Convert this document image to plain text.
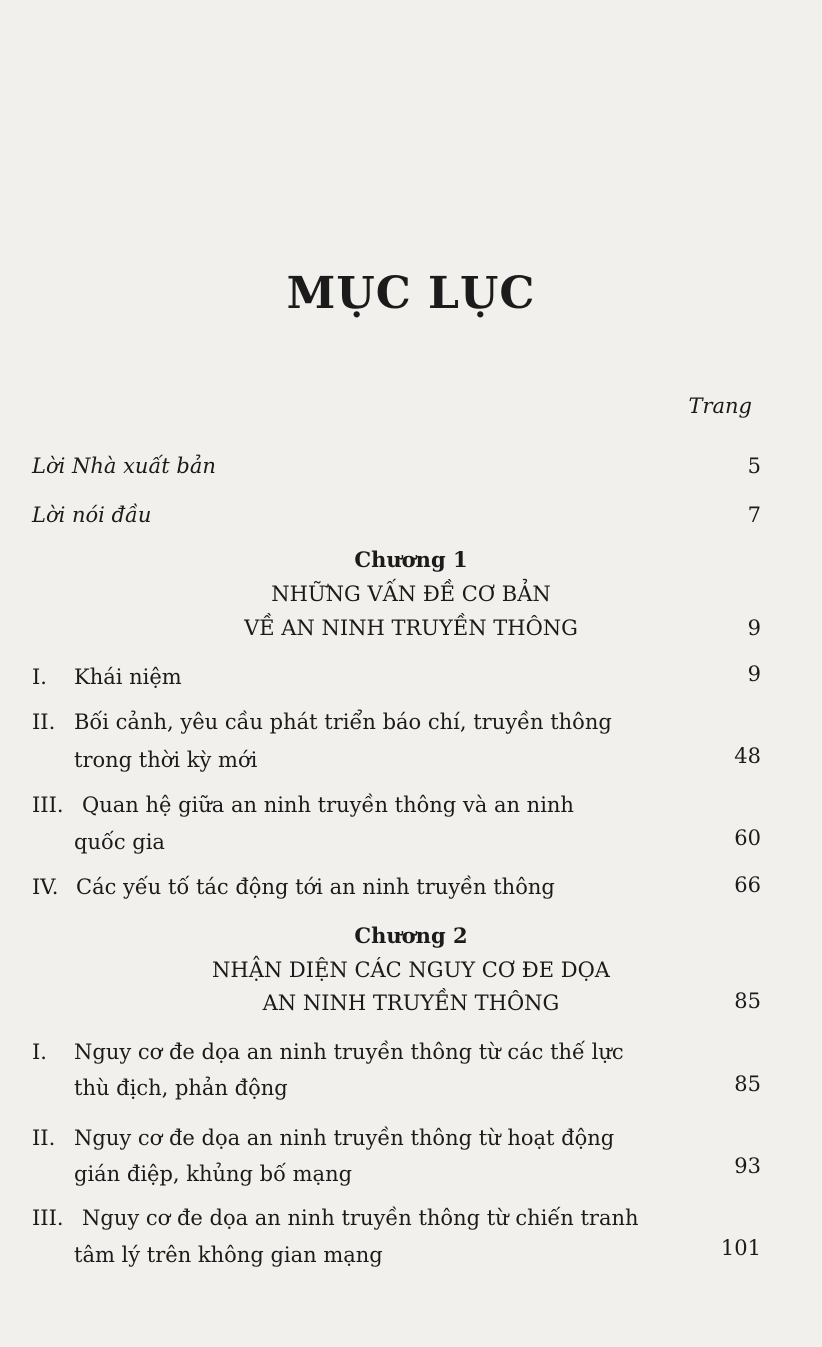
MỤC LỤC
Trang
Lời Nhà xuất bản	5
Lời nói đầu	7
Chương 1
NHỮNG VẤN ĐỀ CƠ BẢN
VỀ AN NINH TRUYỀN THÔNG	9
I. Khái niệm	9
II. Bối cảnh, yêu cầu phát triển báo chí, truyền thông
trong thời kỳ mới	48
III. Quan hệ giữa an ninh truyền thông và an ninh
quốc gia	60
IV. Các yếu tố tác động tới an ninh truyền thông	66
Chương 2
NHẬN DIỆN CÁC NGUY CƠ ĐE DỌA
AN NINH TRUYỀN THÔNG	85
I. Nguy cơ đe dọa an ninh truyền thông từ các thế lực
thù địch, phản động	85
II. Nguy cơ đe dọa an ninh truyền thông từ hoạt động
gián điệp, khủng bố mạng	93
III. Nguy cơ đe dọa an ninh truyền thông từ chiến tranh
tâm lý trên không gian mạng	101
